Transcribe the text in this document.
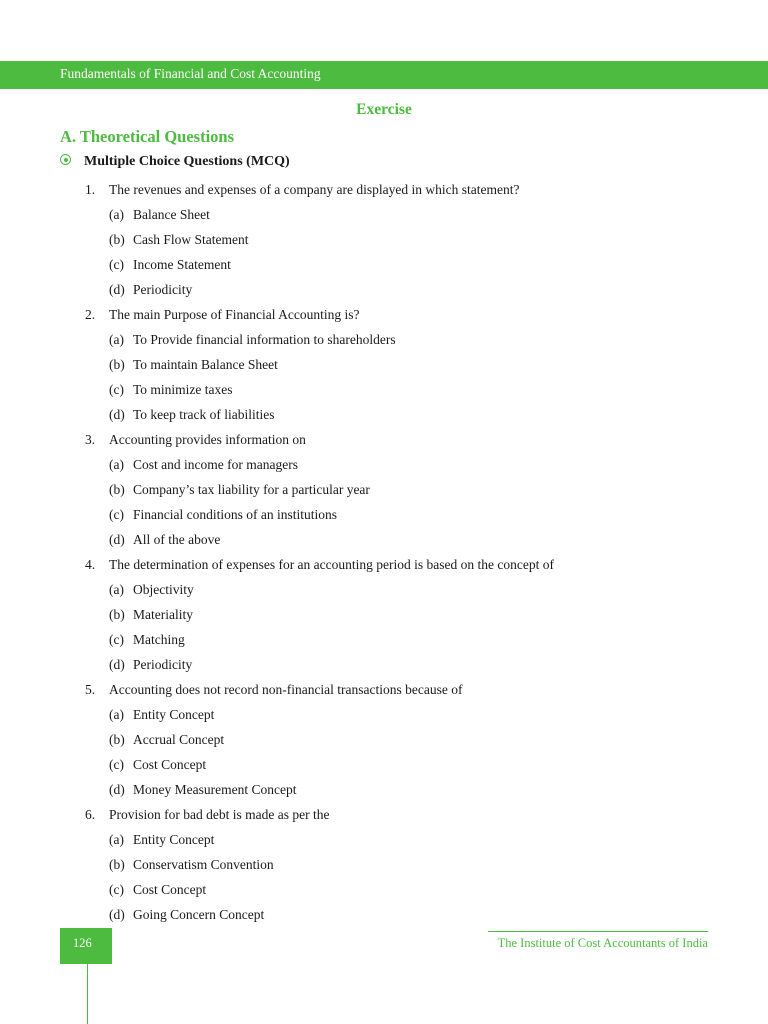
Fundamentals of Financial and Cost Accounting
Exercise
A. Theoretical Questions
Multiple Choice Questions (MCQ)
1. The revenues and expenses of a company are displayed in which statement?
(a) Balance Sheet
(b) Cash Flow Statement
(c) Income Statement
(d) Periodicity
2. The main Purpose of Financial Accounting is?
(a) To Provide financial information to shareholders
(b) To maintain Balance Sheet
(c) To minimize taxes
(d) To keep track of liabilities
3. Accounting provides information on
(a) Cost and income for managers
(b) Company’s tax liability for a particular year
(c) Financial conditions of an institutions
(d) All of the above
4. The determination of expenses for an accounting period is based on the concept of
(a) Objectivity
(b) Materiality
(c) Matching
(d) Periodicity
5. Accounting does not record non-financial transactions because of
(a) Entity Concept
(b) Accrual Concept
(c) Cost Concept
(d) Money Measurement Concept
6. Provision for bad debt is made as per the
(a) Entity Concept
(b) Conservatism Convention
(c) Cost Concept
(d) Going Concern Concept
The Institute of Cost Accountants of India
126
